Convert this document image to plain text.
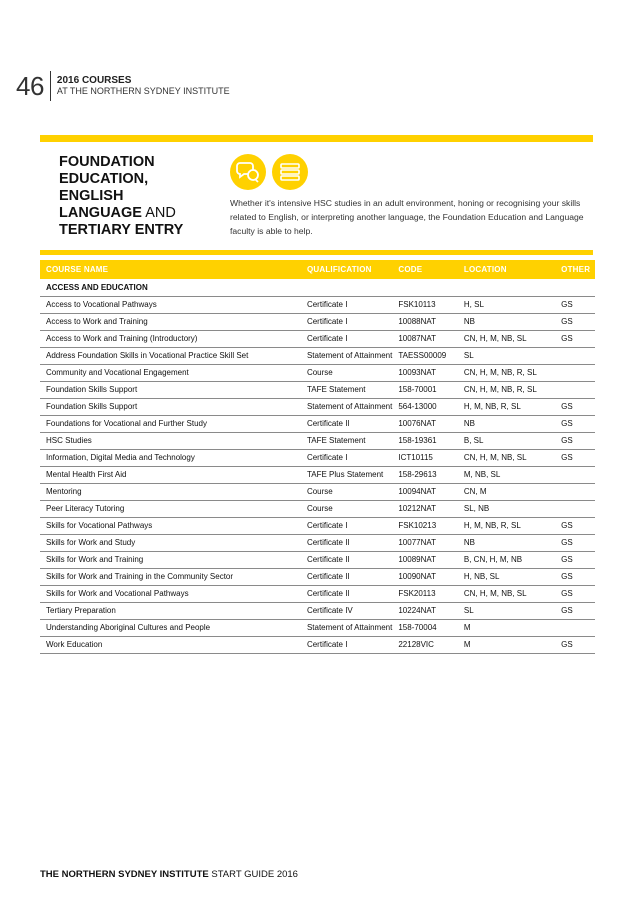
46	2016 COURSES
AT THE NORTHERN SYDNEY INSTITUTE
FOUNDATION
EDUCATION,
ENGLISH
LANGUAGE AND
TERTIARY ENTRY

Whether it's intensive HSC studies in an adult environment, honing or recognising your skills related to English, or interpreting another language, the Foundation Education and Language faculty is able to help.

COURSE NAME	QUALIFICATION	CODE	LOCATION	OTHER
ACCESS AND EDUCATION				
Access to Vocational Pathways	Certificate I	FSK10113	H, SL	GS
Access to Work and Training	Certificate I	10088NAT	NB	GS
Access to Work and Training (Introductory)	Certificate I	10087NAT	CN, H, M, NB, SL	GS
Address Foundation Skills in Vocational Practice Skill Set	Statement of Attainment	TAESS00009	SL	
Community and Vocational Engagement	Course	10093NAT	CN, H, M, NB, R, SL	
Foundation Skills Support	TAFE Statement	158-70001	CN, H, M, NB, R, SL	
Foundation Skills Support	Statement of Attainment	564-13000	H, M, NB, R, SL	GS
Foundations for Vocational and Further Study	Certificate II	10076NAT	NB	GS
HSC Studies	TAFE Statement	158-19361	B, SL	GS
Information, Digital Media and Technology	Certificate I	ICT10115	CN, H, M, NB, SL	GS
Mental Health First Aid	TAFE Plus Statement	158-29613	M, NB, SL	
Mentoring	Course	10094NAT	CN, M	
Peer Literacy Tutoring	Course	10212NAT	SL, NB	
Skills for Vocational Pathways	Certificate I	FSK10213	H, M, NB, R, SL	GS
Skills for Work and Study	Certificate II	10077NAT	NB	GS
Skills for Work and Training	Certificate II	10089NAT	B, CN, H, M, NB	GS
Skills for Work and Training in the Community Sector	Certificate II	10090NAT	H, NB, SL	GS
Skills for Work and Vocational Pathways	Certificate II	FSK20113	CN, H, M, NB, SL	GS
Tertiary Preparation	Certificate IV	10224NAT	SL	GS
Understanding Aboriginal Cultures and People	Statement of Attainment	158-70004	M	
Work Education	Certificate I	22128VIC	M	GS
THE NORTHERN SYDNEY INSTITUTE START GUIDE 2016
